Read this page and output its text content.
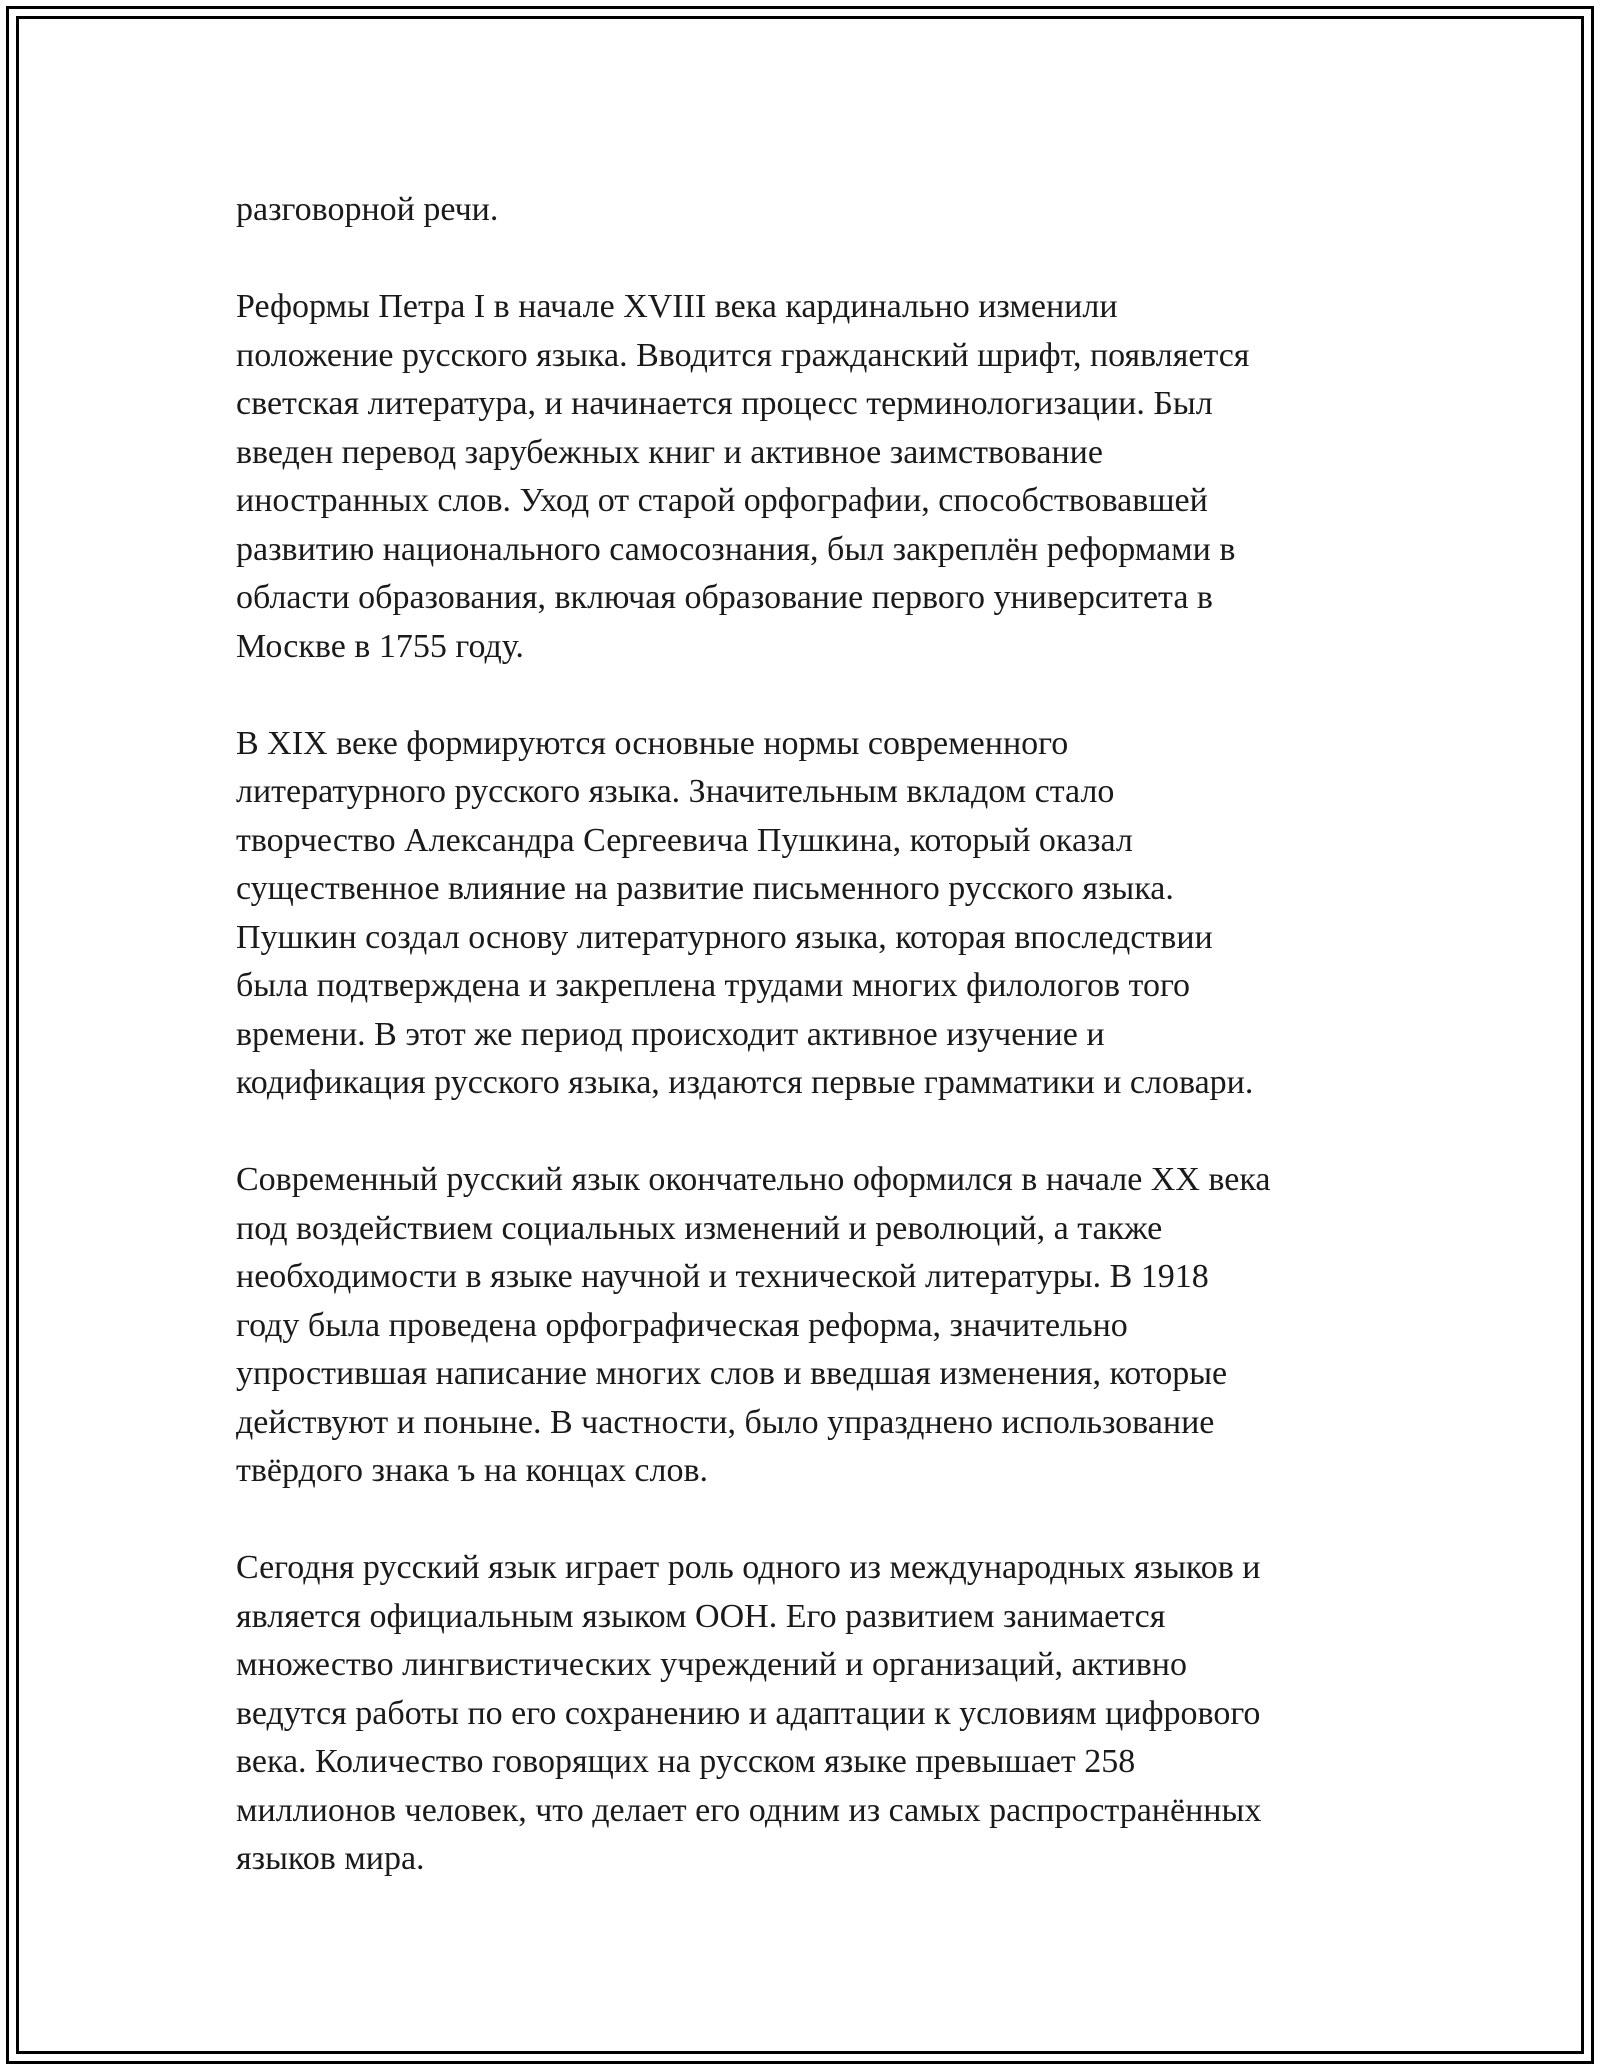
разговорной речи.

Реформы Петра I в начале XVIII века кардинально изменили
положение русского языка. Вводится гражданский шрифт, появляется
светская литература, и начинается процесс терминологизации. Был
введен перевод зарубежных книг и активное заимствование
иностранных слов. Уход от старой орфографии, способствовавшей
развитию национального самосознания, был закреплён реформами в
области образования, включая образование первого университета в
Москве в 1755 году.

В XIX веке формируются основные нормы современного
литературного русского языка. Значительным вкладом стало
творчество Александра Сергеевича Пушкина, который оказал
существенное влияние на развитие письменного русского языка.
Пушкин создал основу литературного языка, которая впоследствии
была подтверждена и закреплена трудами многих филологов того
времени. В этот же период происходит активное изучение и
кодификация русского языка, издаются первые грамматики и словари.

Современный русский язык окончательно оформился в начале XX века
под воздействием социальных изменений и революций, а также
необходимости в языке научной и технической литературы. В 1918
году была проведена орфографическая реформа, значительно
упростившая написание многих слов и введшая изменения, которые
действуют и поныне. В частности, было упразднено использование
твёрдого знака ъ на концах слов.

Сегодня русский язык играет роль одного из международных языков и
является официальным языком ООН. Его развитием занимается
множество лингвистических учреждений и организаций, активно
ведутся работы по его сохранению и адаптации к условиям цифрового
века. Количество говорящих на русском языке превышает 258
миллионов человек, что делает его одним из самых распространённых
языков мира.
